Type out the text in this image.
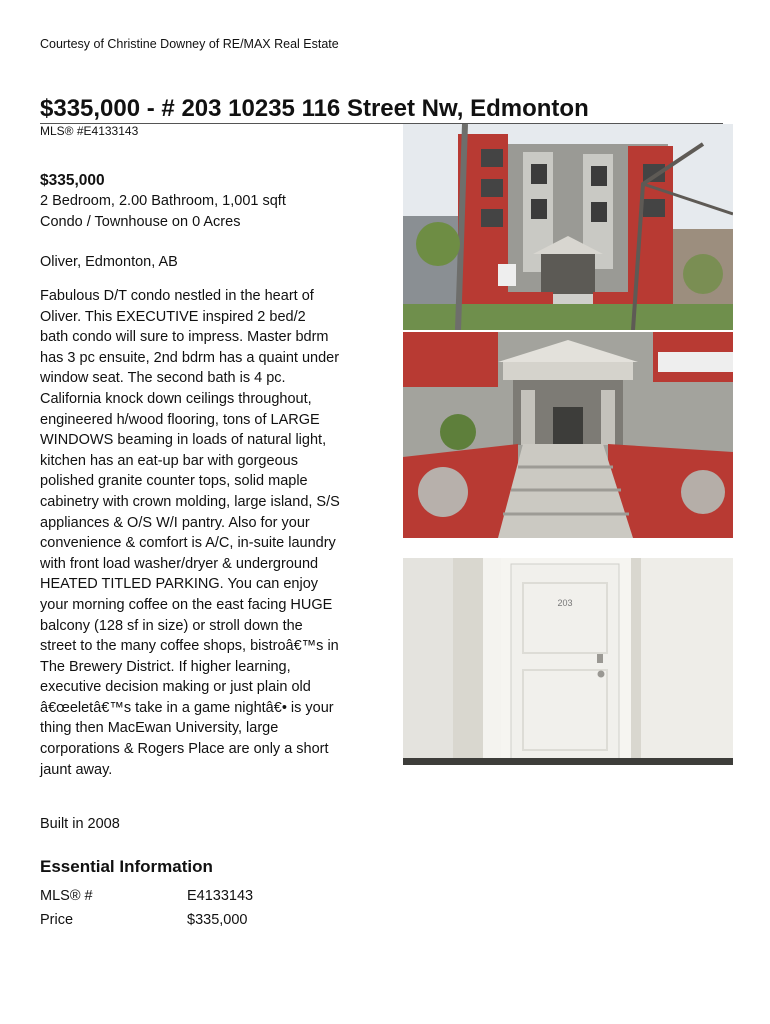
Courtesy of Christine Downey of RE/MAX Real Estate
$335,000 - # 203 10235 116 Street Nw, Edmonton
MLS® #E4133143
$335,000
2 Bedroom, 2.00 Bathroom, 1,001 sqft
Condo / Townhouse on 0 Acres
Oliver, Edmonton, AB
Fabulous D/T condo nestled in the heart of
Oliver. This EXECUTIVE inspired 2 bed/2
bath condo will sure to impress. Master bdrm
has 3 pc ensuite, 2nd bdrm has a quaint under
window seat. The second bath is 4 pc.
California knock down ceilings throughout,
engineered h/wood flooring, tons of LARGE
WINDOWS beaming in loads of natural light,
kitchen has an eat-up bar with gorgeous
polished granite counter tops, solid maple
cabinetry with crown molding, large island, S/S
appliances & O/S W/I pantry. Also for your
convenience & comfort is A/C, in-suite laundry
with front load washer/dryer & underground
HEATED TITLED PARKING. You can enjoy
your morning coffee on the east facing HUGE
balcony (128 sf in size) or stroll down the
street to the many coffee shops, bistroâ€™s in
The Brewery District. If higher learning,
executive decision making or just plain old
â€œeletâ€™s take in a game nightâ€• is your
thing then MacEwan University, large
corporations & Rogers Place are only a short
jaunt away.
Built in 2008
Essential Information
MLS® #	E4133143
Price	$335,000
203
